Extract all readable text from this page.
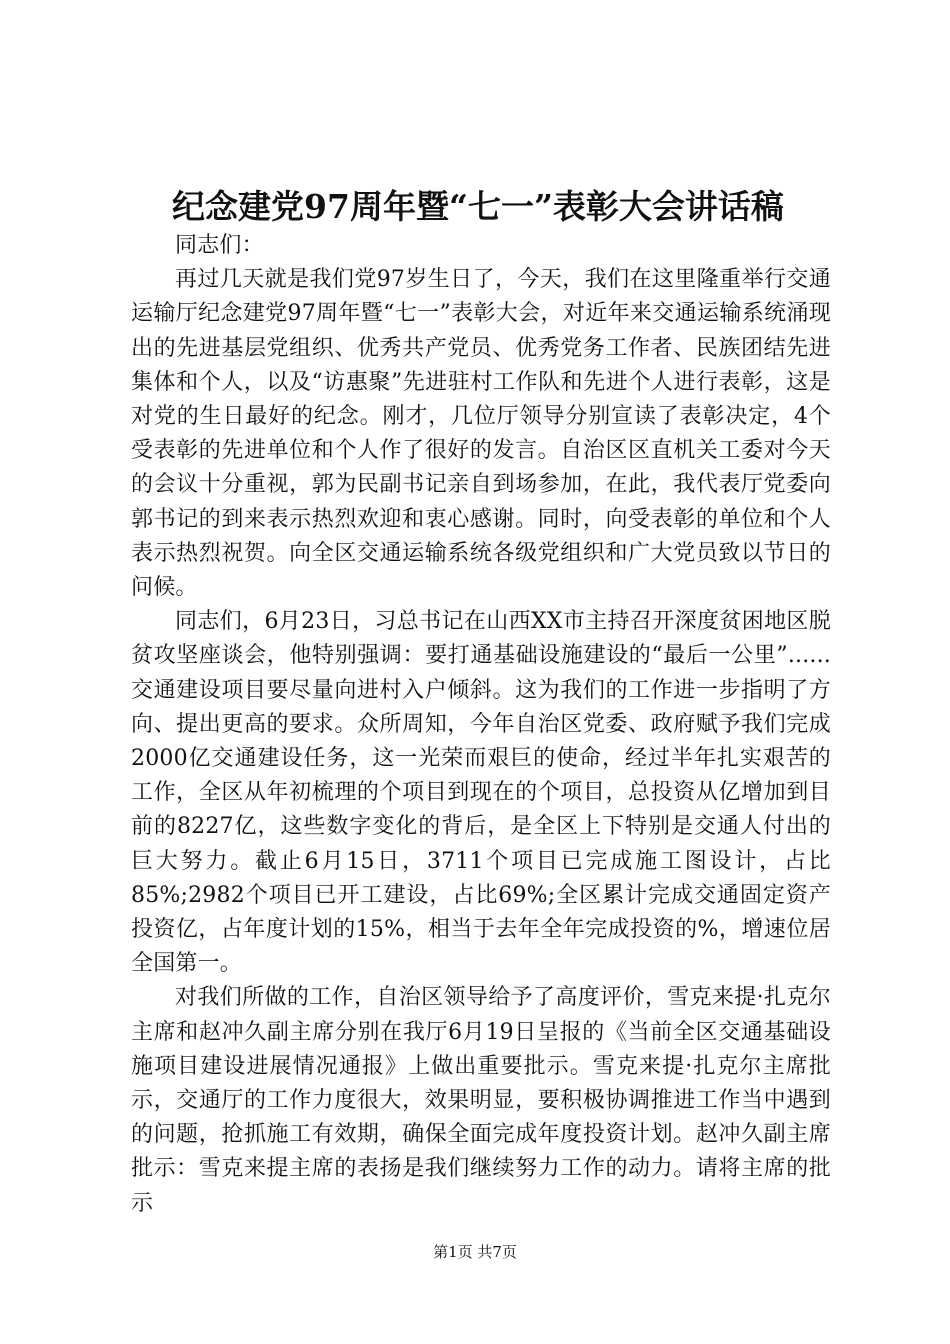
纪念建党97周年暨“七一”表彰大会讲话稿

同志们：

再过几天就是我们党97岁生日了，今天，我们在这里隆重举行交通运输厅纪念建党97周年暨“七一”表彰大会，对近年来交通运输系统涌现出的先进基层党组织、优秀共产党员、优秀党务工作者、民族团结先进集体和个人，以及“访惠聚”先进驻村工作队和先进个人进行表彰，这是对党的生日最好的纪念。刚才，几位厅领导分别宣读了表彰决定，4个受表彰的先进单位和个人作了很好的发言。自治区区直机关工委对今天的会议十分重视，郭为民副书记亲自到场参加，在此，我代表厅党委向郭书记的到来表示热烈欢迎和衷心感谢。同时，向受表彰的单位和个人表示热烈祝贺。向全区交通运输系统各级党组织和广大党员致以节日的问候。

同志们，6月23日，习总书记在山西XX市主持召开深度贫困地区脱贫攻坚座谈会，他特别强调：要打通基础设施建设的“最后一公里”......交通建设项目要尽量向进村入户倾斜。这为我们的工作进一步指明了方向、提出更高的要求。众所周知，今年自治区党委、政府赋予我们完成2000亿交通建设任务，这一光荣而艰巨的使命，经过半年扎实艰苦的工作，全区从年初梳理的个项目到现在的个项目，总投资从亿增加到目前的8227亿，这些数字变化的背后，是全区上下特别是交通人付出的巨大努力。截止6月15日，3711个项目已完成施工图设计，占比85%;2982个项目已开工建设，占比69%;全区累计完成交通固定资产投资亿，占年度计划的15%，相当于去年全年完成投资的%，增速位居全国第一。

对我们所做的工作，自治区领导给予了高度评价，雪克来提·扎克尔主席和赵冲久副主席分别在我厅6月19日呈报的《当前全区交通基础设施项目建设进展情况通报》上做出重要批示。雪克来提·扎克尔主席批示，交通厅的工作力度很大，效果明显，要积极协调推进工作当中遇到的问题，抢抓施工有效期，确保全面完成年度投资计划。赵冲久副主席批示：雪克来提主席的表扬是我们继续努力工作的动力。请将主席的批示

第1页 共7页
